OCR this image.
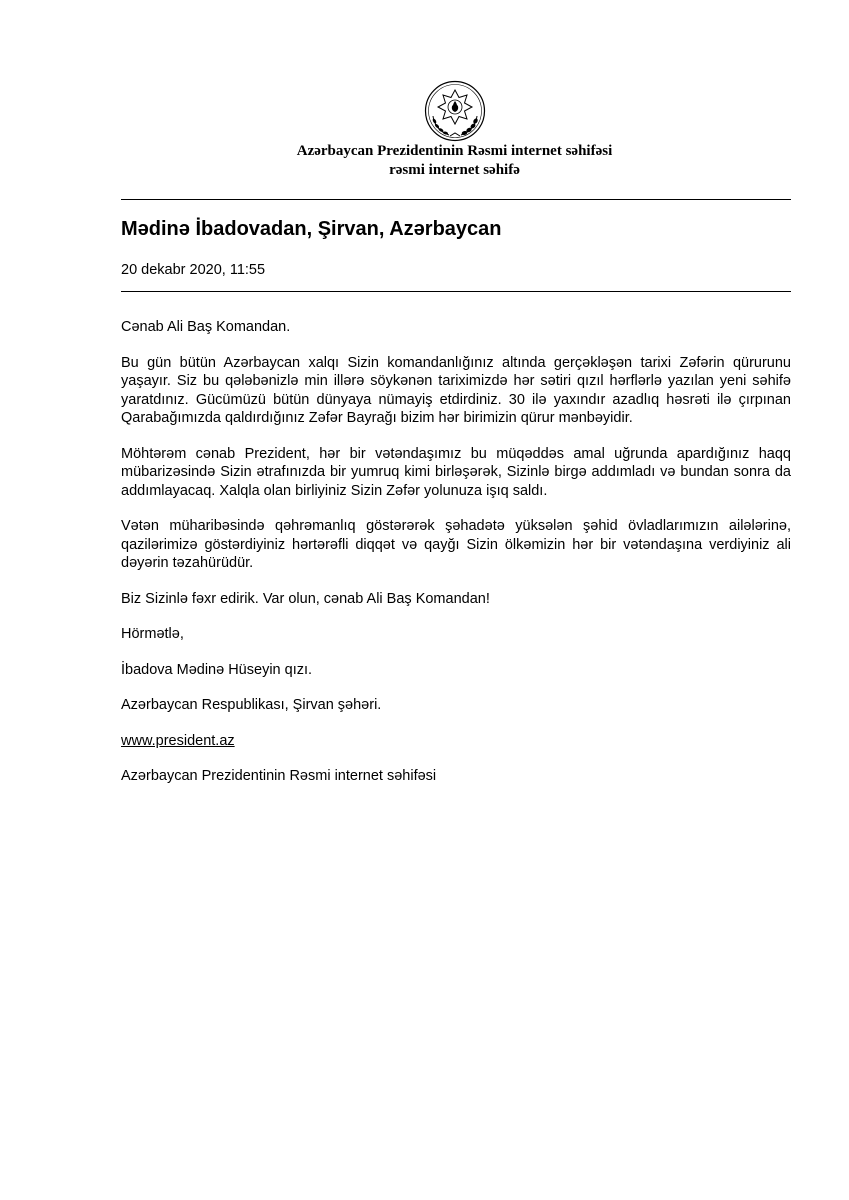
Azərbaycan Prezidentinin Rəsmi internet səhifəsi
rəsmi internet səhifə
Mədinə İbadovadan, Şirvan, Azərbaycan
20 dekabr 2020, 11:55

Cənab Ali Baş Komandan.

Bu gün bütün Azərbaycan xalqı Sizin komandanlığınız altında gerçəkləşən tarixi Zəfərin qürurunu yaşayır. Siz bu qələbənizlə min illərə söykənən tariximizdə hər sətiri qızıl hərflərlə yazılan yeni səhifə yaratdınız. Gücümüzü bütün dünyaya nümayiş etdirdiniz. 30 ilə yaxındır azadlıq həsrəti ilə çırpınan Qarabağımızda qaldırdığınız Zəfər Bayrağı bizim hər birimizin qürur mənbəyidir.

Möhtərəm cənab Prezident, hər bir vətəndaşımız bu müqəddəs amal uğrunda apardığınız haqq mübarizəsində Sizin ətrafınızda bir yumruq kimi birləşərək, Sizinlə birgə addımladı və bundan sonra da addımlayacaq. Xalqla olan birliyiniz Sizin Zəfər yolunuza işıq saldı.

Vətən müharibəsində qəhrəmanlıq göstərərək şəhadətə yüksələn şəhid övladlarımızın ailələrinə, qazilərimizə göstərdiyiniz hərtərəfli diqqət və qayğı Sizin ölkəmizin hər bir vətəndaşına verdiyiniz ali dəyərin təzahürüdür.

Biz Sizinlə fəxr edirik. Var olun, cənab Ali Baş Komandan!

Hörmətlə,

İbadova Mədinə Hüseyin qızı.

Azərbaycan Respublikası, Şirvan şəhəri.

www.president.az

Azərbaycan Prezidentinin Rəsmi internet səhifəsi
